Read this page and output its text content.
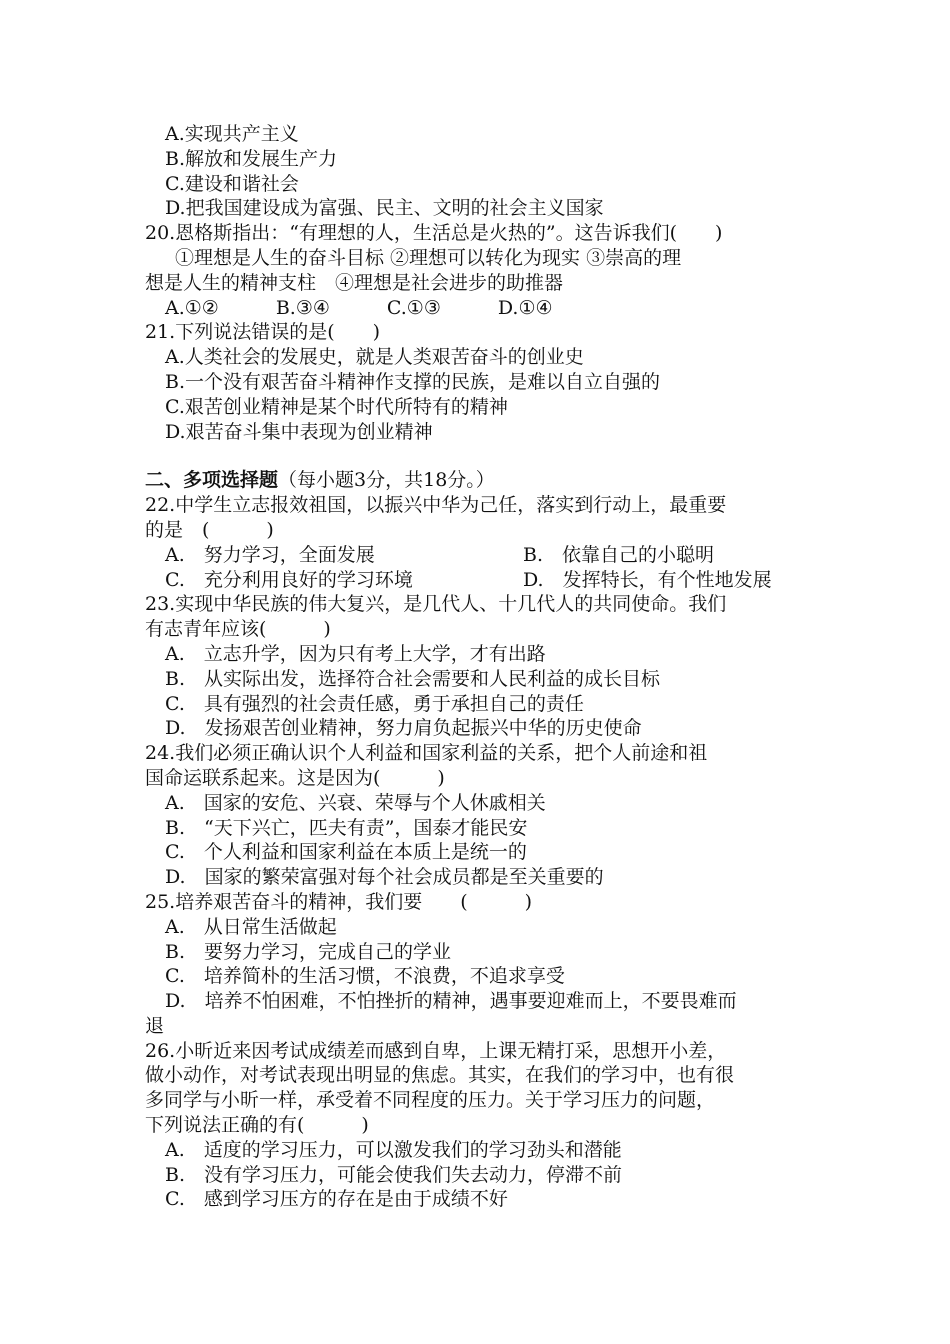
A.实现共产主义
B.解放和发展生产力
C.建设和谐社会
D.把我国建设成为富强、民主、文明的社会主义国家
20.恩格斯指出：“有理想的人，生活总是火热的”。这告诉我们(　　)
①理想是人生的奋斗目标 ②理想可以转化为现实 ③崇高的理
想是人生的精神支柱　④理想是社会进步的助推器
A.①②　　　B.③④　　　C.①③　　　D.①④
21.下列说法错误的是(　　)
A.人类社会的发展史，就是人类艰苦奋斗的创业史
B.一个没有艰苦奋斗精神作支撑的民族，是难以自立自强的
C.艰苦创业精神是某个时代所特有的精神
D.艰苦奋斗集中表现为创业精神
二、多项选择题（每小题3分，共18分。）
22.中学生立志报效祖国，以振兴中华为己任，落实到行动上，最重要
的是　(　　　)
A.　努力学习，全面发展	B.　依靠自己的小聪明
C.　充分利用良好的学习环境	D.　发挥特长，有个性地发展
23.实现中华民族的伟大复兴，是几代人、十几代人的共同使命。我们
有志青年应该(　　　)
A.　立志升学，因为只有考上大学，才有出路
B.　从实际出发，选择符合社会需要和人民利益的成长目标
C.　具有强烈的社会责任感，勇于承担自己的责任
D.　发扬艰苦创业精神，努力肩负起振兴中华的历史使命
24.我们必须正确认识个人利益和国家利益的关系，把个人前途和祖
国命运联系起来。这是因为(　　　)
A.　国家的安危、兴衰、荣辱与个人休戚相关
B.　“天下兴亡，匹夫有责”，国泰才能民安
C.　个人利益和国家利益在本质上是统一的
D.　国家的繁荣富强对每个社会成员都是至关重要的
25.培养艰苦奋斗的精神，我们要　　(　　　)
A.　从日常生活做起
B.　要努力学习，完成自己的学业
C.　培养简朴的生活习惯，不浪费，不追求享受
D.　培养不怕困难，不怕挫折的精神，遇事要迎难而上，不要畏难而
退
26.小昕近来因考试成绩差而感到自卑，上课无精打采，思想开小差，
做小动作，对考试表现出明显的焦虑。其实，在我们的学习中，也有很
多同学与小昕一样，承受着不同程度的压力。关于学习压力的问题，
下列说法正确的有(　　　)
A.　适度的学习压力，可以激发我们的学习劲头和潜能
B.　没有学习压力，可能会使我们失去动力，停滞不前
C.　感到学习压方的存在是由于成绩不好
